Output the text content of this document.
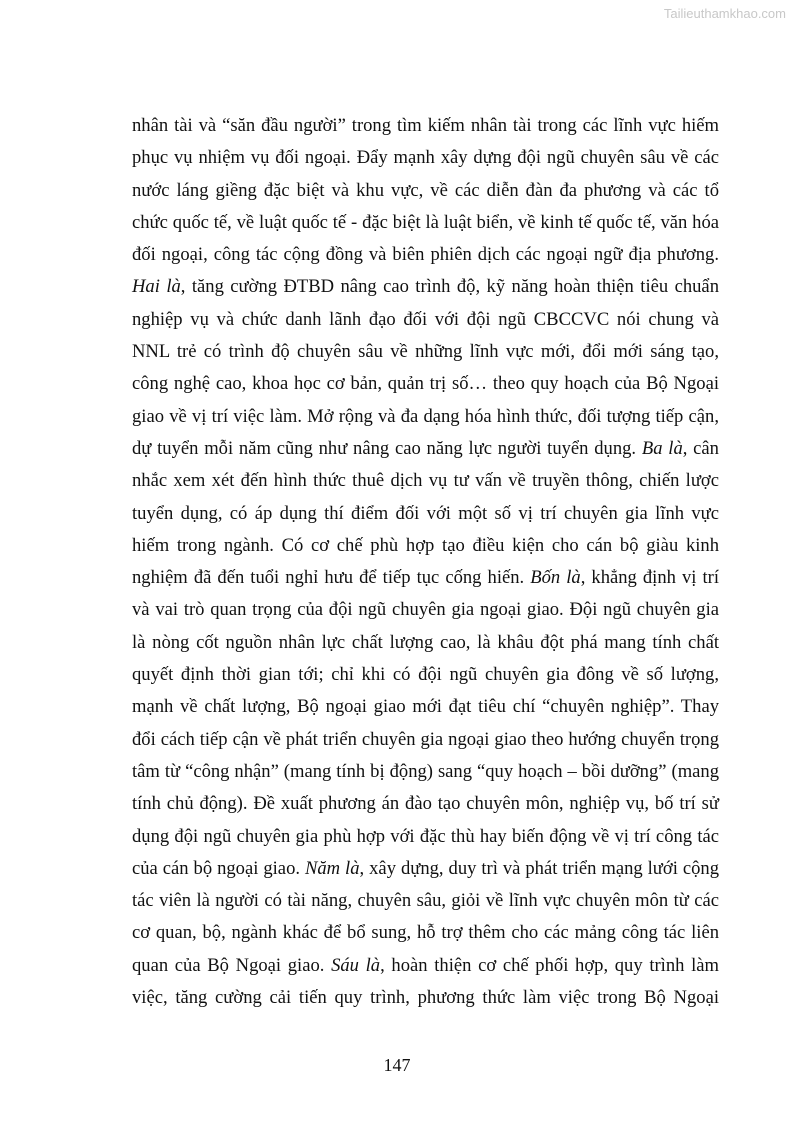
Tailieuthamkhao.com
nhân tài và “săn đầu người” trong tìm kiếm nhân tài trong các lĩnh vực hiếm
phục vụ nhiệm vụ đối ngoại. Đẩy mạnh xây dựng đội ngũ chuyên sâu về các
nước láng giềng đặc biệt và khu vực, về các diễn đàn đa phương và các tổ
chức quốc tế, về luật quốc tế - đặc biệt là luật biển, về kinh tế quốc tế, văn hóa
đối ngoại, công tác cộng đồng và biên phiên dịch các ngoại ngữ địa phương.
Hai là, tăng cường ĐTBD nâng cao trình độ, kỹ năng hoàn thiện tiêu chuẩn
nghiệp vụ và chức danh lãnh đạo đối với đội ngũ CBCCVC nói chung và
NNL trẻ có trình độ chuyên sâu về những lĩnh vực mới, đổi mới sáng tạo,
công nghệ cao, khoa học cơ bản, quản trị số… theo quy hoạch của Bộ Ngoại
giao về vị trí việc làm. Mở rộng và đa dạng hóa hình thức, đối tượng tiếp cận,
dự tuyển mỗi năm cũng như nâng cao năng lực người tuyển dụng. Ba là, cân
nhắc xem xét đến hình thức thuê dịch vụ tư vấn về truyền thông, chiến lược
tuyển dụng, có áp dụng thí điểm đối với một số vị trí chuyên gia lĩnh vực
hiếm trong ngành. Có cơ chế phù hợp tạo điều kiện cho cán bộ giàu kinh
nghiệm đã đến tuổi nghỉ hưu để tiếp tục cống hiến. Bốn là, khẳng định vị trí
và vai trò quan trọng của đội ngũ chuyên gia ngoại giao. Đội ngũ chuyên gia
là nòng cốt nguồn nhân lực chất lượng cao, là khâu đột phá mang tính chất
quyết định thời gian tới; chỉ khi có đội ngũ chuyên gia đông về số lượng,
mạnh về chất lượng, Bộ ngoại giao mới đạt tiêu chí “chuyên nghiệp”. Thay
đổi cách tiếp cận về phát triển chuyên gia ngoại giao theo hướng chuyển trọng
tâm từ “công nhận” (mang tính bị động) sang “quy hoạch – bồi dưỡng” (mang
tính chủ động). Đề xuất phương án đào tạo chuyên môn, nghiệp vụ, bố trí sử
dụng đội ngũ chuyên gia phù hợp với đặc thù hay biến động về vị trí công tác
của cán bộ ngoại giao. Năm là, xây dựng, duy trì và phát triển mạng lưới cộng
tác viên là người có tài năng, chuyên sâu, giỏi về lĩnh vực chuyên môn từ các
cơ quan, bộ, ngành khác để bổ sung, hỗ trợ thêm cho các mảng công tác liên
quan của Bộ Ngoại giao. Sáu là, hoàn thiện cơ chế phối hợp, quy trình làm
việc, tăng cường cải tiến quy trình, phương thức làm việc trong Bộ Ngoại
147
